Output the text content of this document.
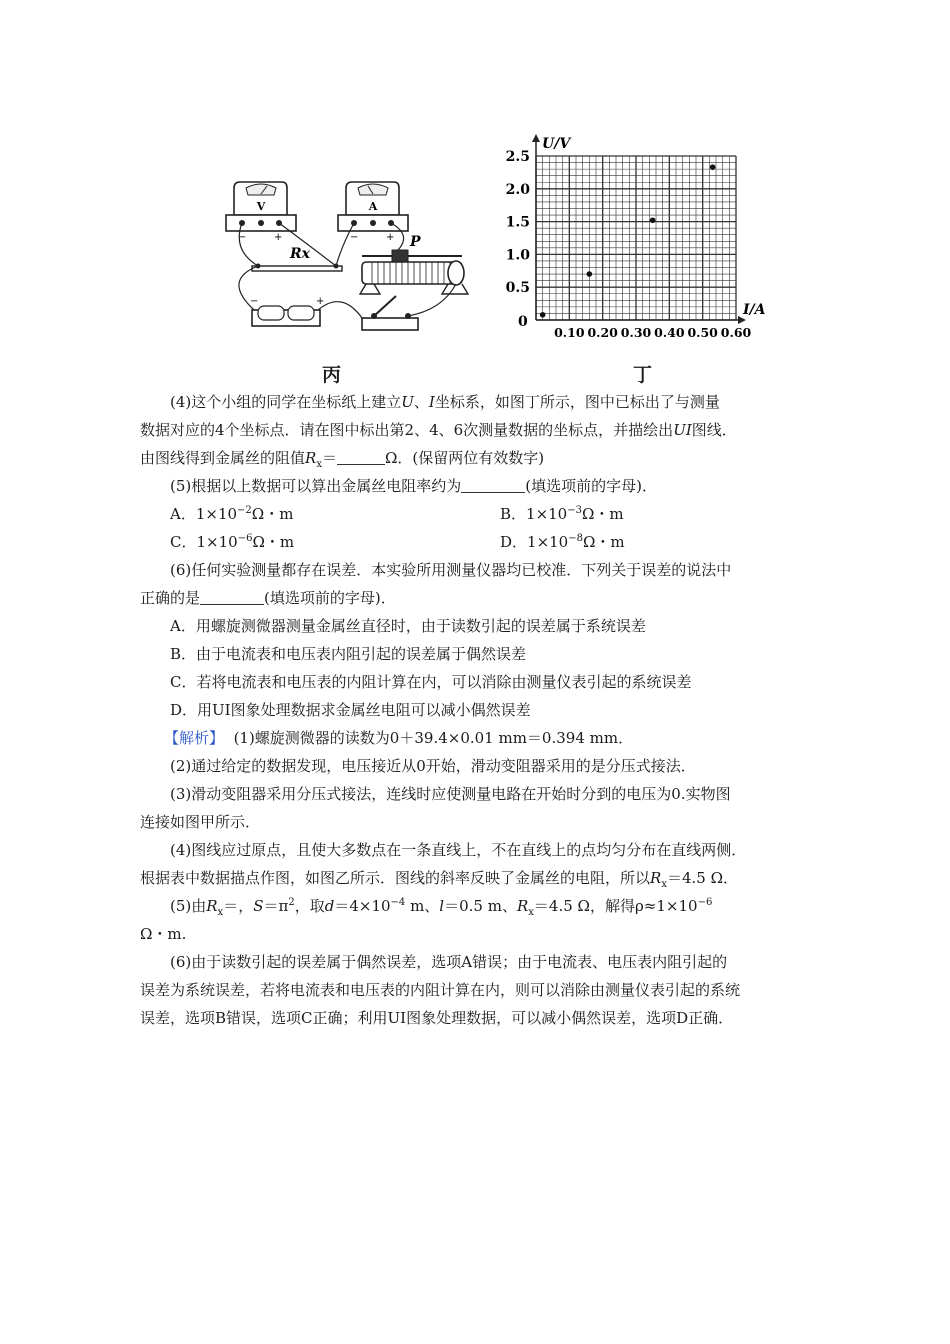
V
−	+
A
−	+
Rx
P
−	+
U/V
I/A
0
0.10 0.20 0.30 0.40 0.50 0.60
0.5
1.0
1.5
2.0
2.5
丙	丁

(4)这个小组的同学在坐标纸上建立U、I坐标系，如图丁所示，图中已标出了与测量

数据对应的4个坐标点．请在图中标出第2、4、6次测量数据的坐标点，并描绘出UI图线．

由图线得到金属丝的阻值$R_x=$	Ω．(保留两位有效数字)

(5)根据以上数据可以算出金属丝电阻率约为	(填选项前的字母)．

A．$1\times 10^{-2}\Omega$・m	B．$1\times 10^{-3}\Omega$・m
C．$1\times 10^{-6}\Omega$・m	D．$1\times 10^{-8}\Omega$・m

(6)任何实验测量都存在误差．本实验所用测量仪器均已校准．下列关于误差的说法中

正确的是	(填选项前的字母)．

A．用螺旋测微器测量金属丝直径时，由于读数引起的误差属于系统误差

B．由于电流表和电压表内阻引起的误差属于偶然误差

C．若将电流表和电压表的内阻计算在内，可以消除由测量仪表引起的系统误差

D．用UI图象处理数据求金属丝电阻可以减小偶然误差

【解析】 (1)螺旋测微器的读数为0＋39.4×0.01 mm＝0.394 mm．

(2)通过给定的数据发现，电压接近从0开始，滑动变阻器采用的是分压式接法．

(3)滑动变阻器采用分压式接法，连线时应使测量电路在开始时分到的电压为0.实物图

连接如图甲所示．

(4)图线应过原点，且使大多数点在一条直线上，不在直线上的点均匀分布在直线两侧．

根据表中数据描点作图，如图乙所示．图线的斜率反映了金属丝的电阻，所以$R_x=4.5$ Ω．

(5)由$R_x=$，$S=\pi^2$，取$d=4\times 10^{-4}$ m、l＝0.5 m、$R_x=4.5$ Ω，解得$\rho\approx 1\times 10^{-6}$

Ω・m.

(6)由于读数引起的误差属于偶然误差，选项A错误；由于电流表、电压表内阻引起的

误差为系统误差，若将电流表和电压表的内阻计算在内，则可以消除由测量仪表引起的系统

误差，选项B错误，选项C正确；利用UI图象处理数据，可以减小偶然误差，选项D正确．
